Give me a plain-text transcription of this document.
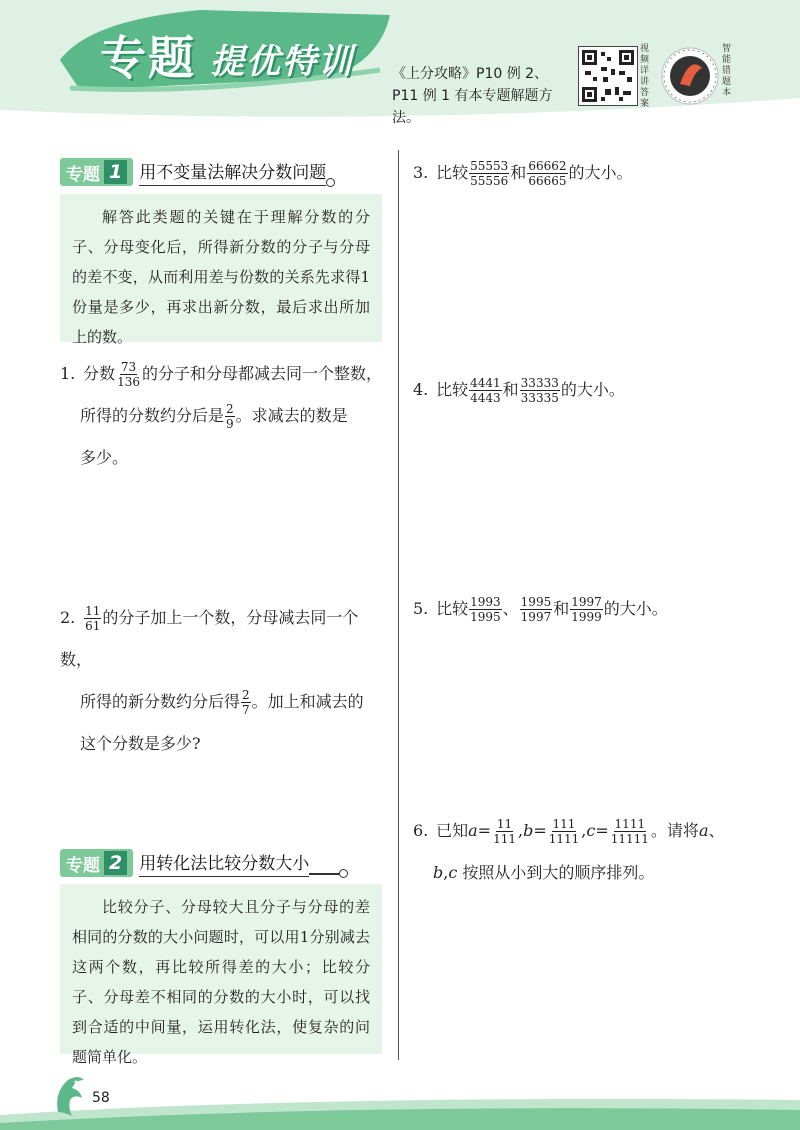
专题 提优特训	《上分攻略》P10 例 2、P11 例 1 有本专题解题方法。
视频详讲答案
智能错题本
专题 1 用不变量法解决分数问题
解答此类题的关键在于理解分数的分子、分母变化后，所得新分数的分子与分母的差不变，从而利用差与份数的关系先求得1份量是多少，再求出新分数，最后求出所加上的数。
1. 分数 $\frac{73}{136}$ 的分子和分母都减去同一个整数，
所得的分数约分后是 $\frac{2}{9}$ 。求减去的数是
多少。
2. $\frac{11}{61}$ 的分子加上一个数，分母减去同一个数，
所得的新分数约分后得 $\frac{2}{7}$ 。加上和减去的
这个分数是多少?
专题 2 用转化法比较分数大小
比较分子、分母较大且分子与分母的差相同的分数的大小问题时，可以用1分别减去这两个数，再比较所得差的大小；比较分子、分母差不相同的分数的大小时，可以找到合适的中间量，运用转化法，使复杂的问题简单化。
3. 比较 $\frac{55553}{55556}$ 和 $\frac{66662}{66665}$ 的大小。
4. 比较 $\frac{4441}{4443}$ 和 $\frac{33333}{33335}$ 的大小。
5. 比较 $\frac{1993}{1995}$ 、 $\frac{1995}{1997}$ 和 $\frac{1997}{1999}$ 的大小。
6. 已知$a= \frac{11}{111} ,b= \frac{111}{1111} ,c= \frac{1111}{11111}$ 。请将a、
b,c 按照从小到大的顺序排列。
58
